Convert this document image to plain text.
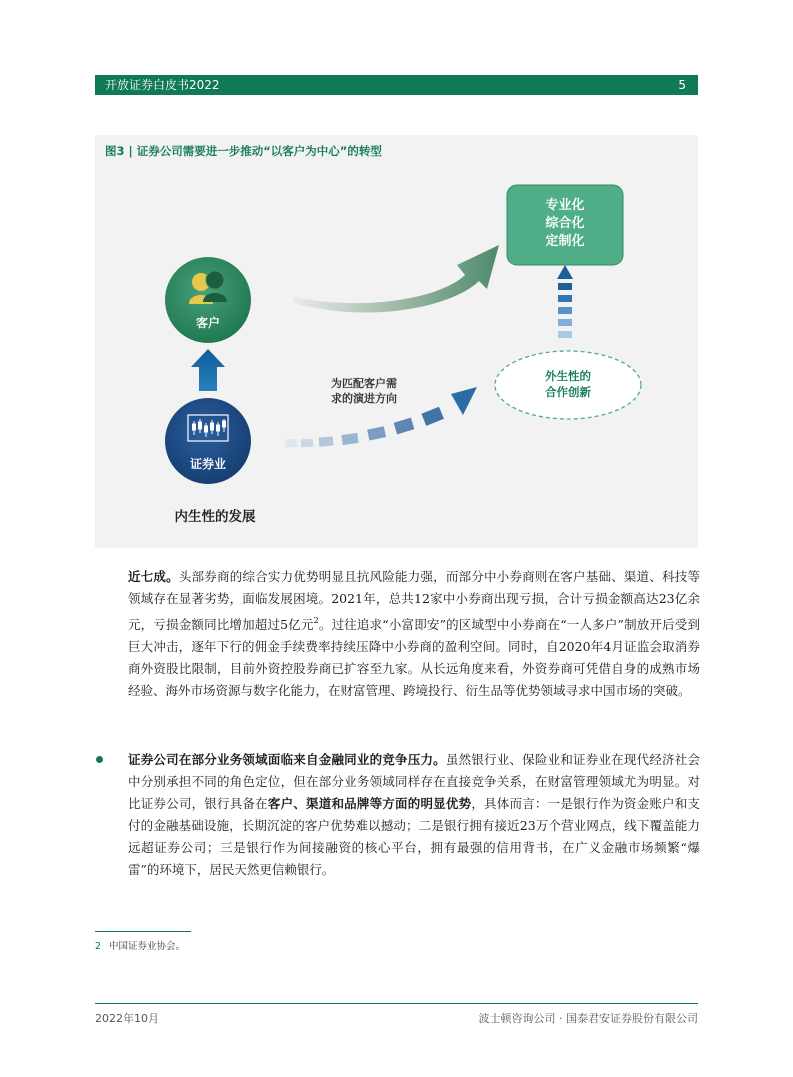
开放证券白皮书2022	5
图3 | 证券公司需要进一步推动“以客户为中心”的转型
专业化
综合化
定制化
客户
证券业
内生性的发展
外生性的
合作创新
为匹配客户需
求的演进方向
近七成。头部券商的综合实力优势明显且抗风险能力强，而部分中小券商则在客户基础、渠道、科技等领域存在显著劣势，面临发展困境。2021年，总共12家中小券商出现亏损，合计亏损金额高达23亿余元，亏损金额同比增加超过5亿元$^2$。过往追求“小富即安”的区域型中小券商在“一人多户”制放开后受到巨大冲击，逐年下行的佣金手续费率持续压降中小券商的盈利空间。同时，自2020年4月证监会取消券商外资股比限制，目前外资控股券商已扩容至九家。从长远角度来看，外资券商可凭借自身的成熟市场经验、海外市场资源与数字化能力，在财富管理、跨境投行、衍生品等优势领域寻求中国市场的突破。
证券公司在部分业务领域面临来自金融同业的竞争压力。虽然银行业、保险业和证券业在现代经济社会中分别承担不同的角色定位，但在部分业务领域同样存在直接竞争关系，在财富管理领域尤为明显。对比证券公司，银行具备在客户、渠道和品牌等方面的明显优势，具体而言：一是银行作为资金账户和支付的金融基础设施，长期沉淀的客户优势难以撼动；二是银行拥有接近23万个营业网点，线下覆盖能力远超证券公司；三是银行作为间接融资的核心平台，拥有最强的信用背书，在广义金融市场频繁“爆雷”的环境下，居民天然更信赖银行。
2 中国证券业协会。
2022年10月	波士顿咨询公司 · 国泰君安证券股份有限公司
